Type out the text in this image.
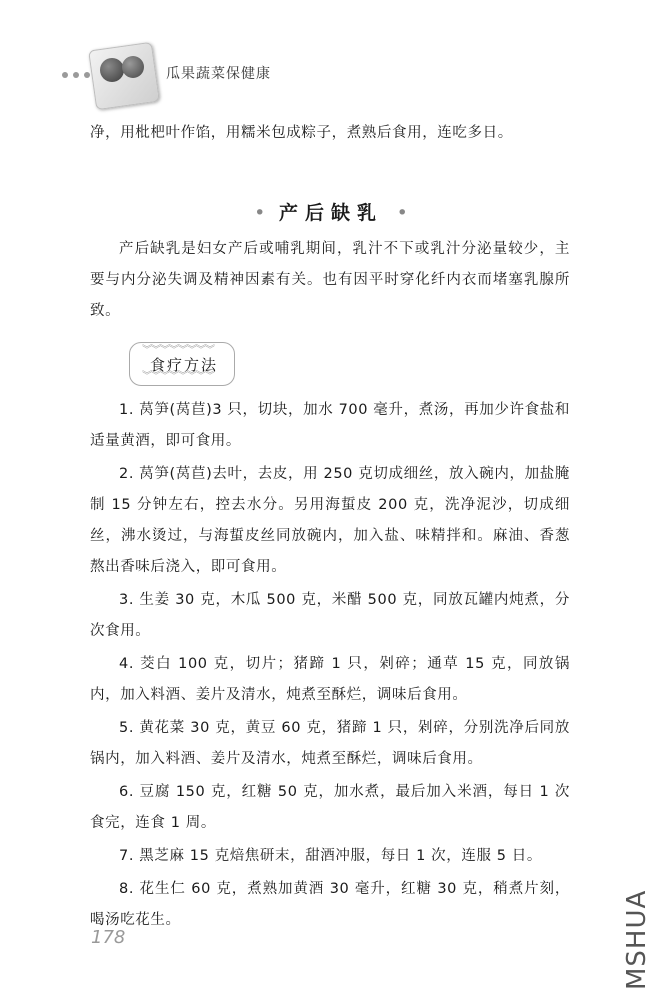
瓜果蔬菜保健康
净，用枇杷叶作馅，用糯米包成粽子，煮熟后食用，连吃多日。
• 产后缺乳 •
产后缺乳是妇女产后或哺乳期间，乳汁不下或乳汁分泌量较少，主要与内分泌失调及精神因素有关。也有因平时穿化纤内衣而堵塞乳腺所致。
︾︾︾︾︾︾︾︾
︾︾︾︾︾︾︾︾
食疗方法

1. 莴笋(莴苣)3 只，切块，加水 700 毫升，煮汤，再加少许食盐和适量黄酒，即可食用。

2. 莴笋(莴苣)去叶，去皮，用 250 克切成细丝，放入碗内，加盐腌制 15 分钟左右，控去水分。另用海蜇皮 200 克，洗净泥沙，切成细丝，沸水烫过，与海蜇皮丝同放碗内，加入盐、味精拌和。麻油、香葱熬出香味后浇入，即可食用。

3. 生姜 30 克，木瓜 500 克，米醋 500 克，同放瓦罐内炖煮，分次食用。

4. 茭白 100 克，切片；猪蹄 1 只，剁碎；通草 15 克，同放锅内，加入料酒、姜片及清水，炖煮至酥烂，调味后食用。

5. 黄花菜 30 克，黄豆 60 克，猪蹄 1 只，剁碎，分别洗净后同放锅内，加入料酒、姜片及清水，炖煮至酥烂，调味后食用。

6. 豆腐 150 克，红糖 50 克，加水煮，最后加入米酒，每日 1 次食完，连食 1 周。

7. 黑芝麻 15 克焙焦研末，甜酒冲服，每日 1 次，连服 5 日。

8. 花生仁 60 克，煮熟加黄酒 30 毫升，红糖 30 克，稍煮片刻，喝汤吃花生。

178	MSHUA
